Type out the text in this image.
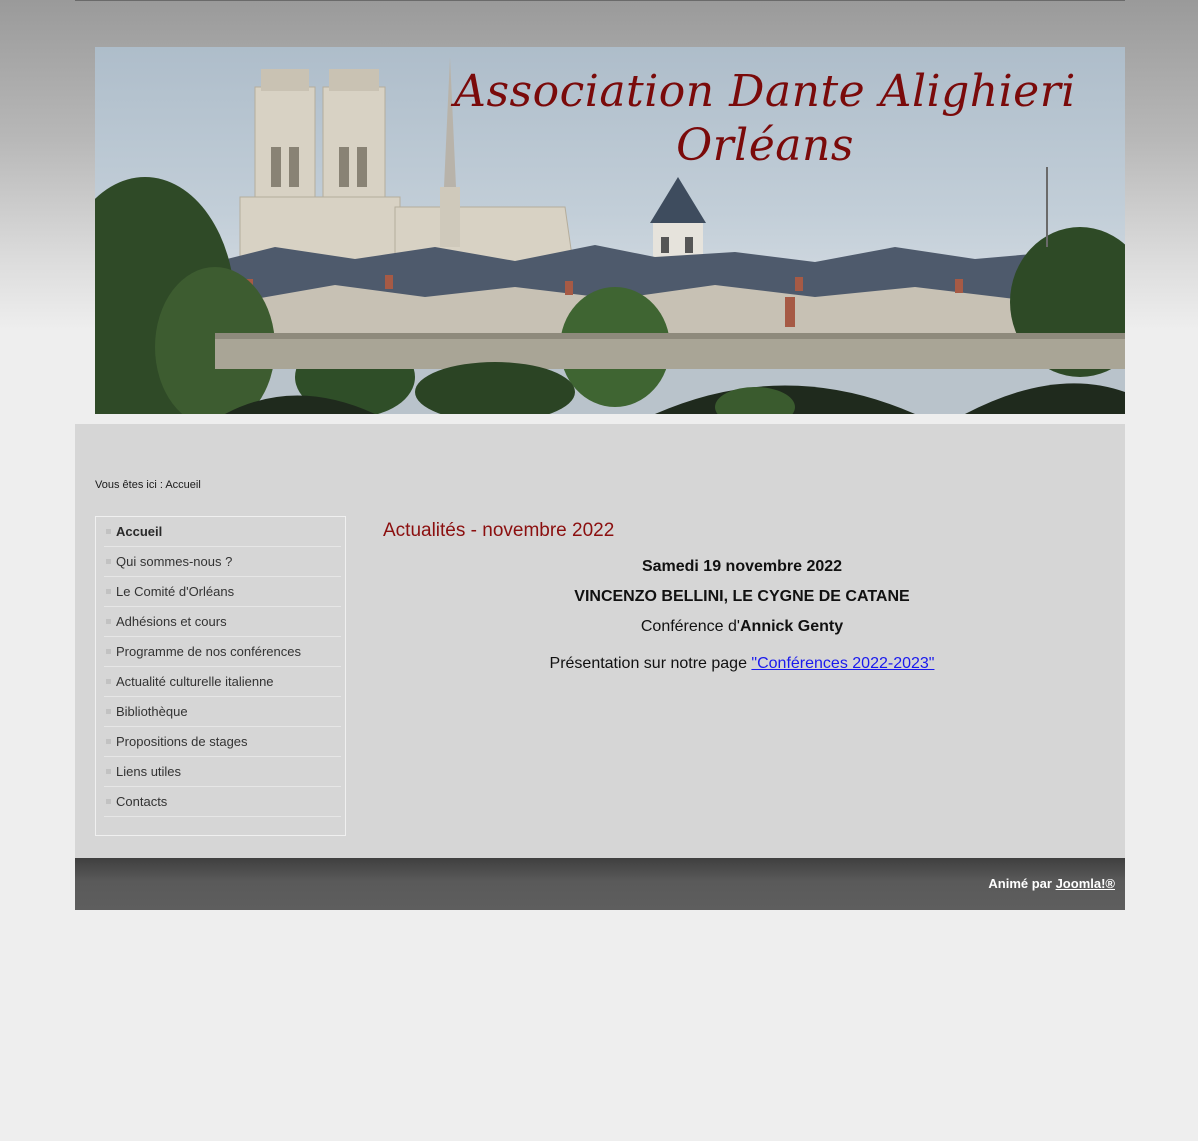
Association Dante Alighieri
Orléans
Vous êtes ici : Accueil
Accueil
Qui sommes-nous ?
Le Comité d'Orléans
Adhésions et cours
Programme de nos conférences
Actualité culturelle italienne
Bibliothèque
Propositions de stages
Liens utiles
Contacts
Actualités - novembre 2022
Samedi 19 novembre 2022
VINCENZO BELLINI, LE CYGNE DE CATANE
Conférence d'Annick Genty
Présentation sur notre page "Conférences 2022-2023"
Animé par Joomla!®
